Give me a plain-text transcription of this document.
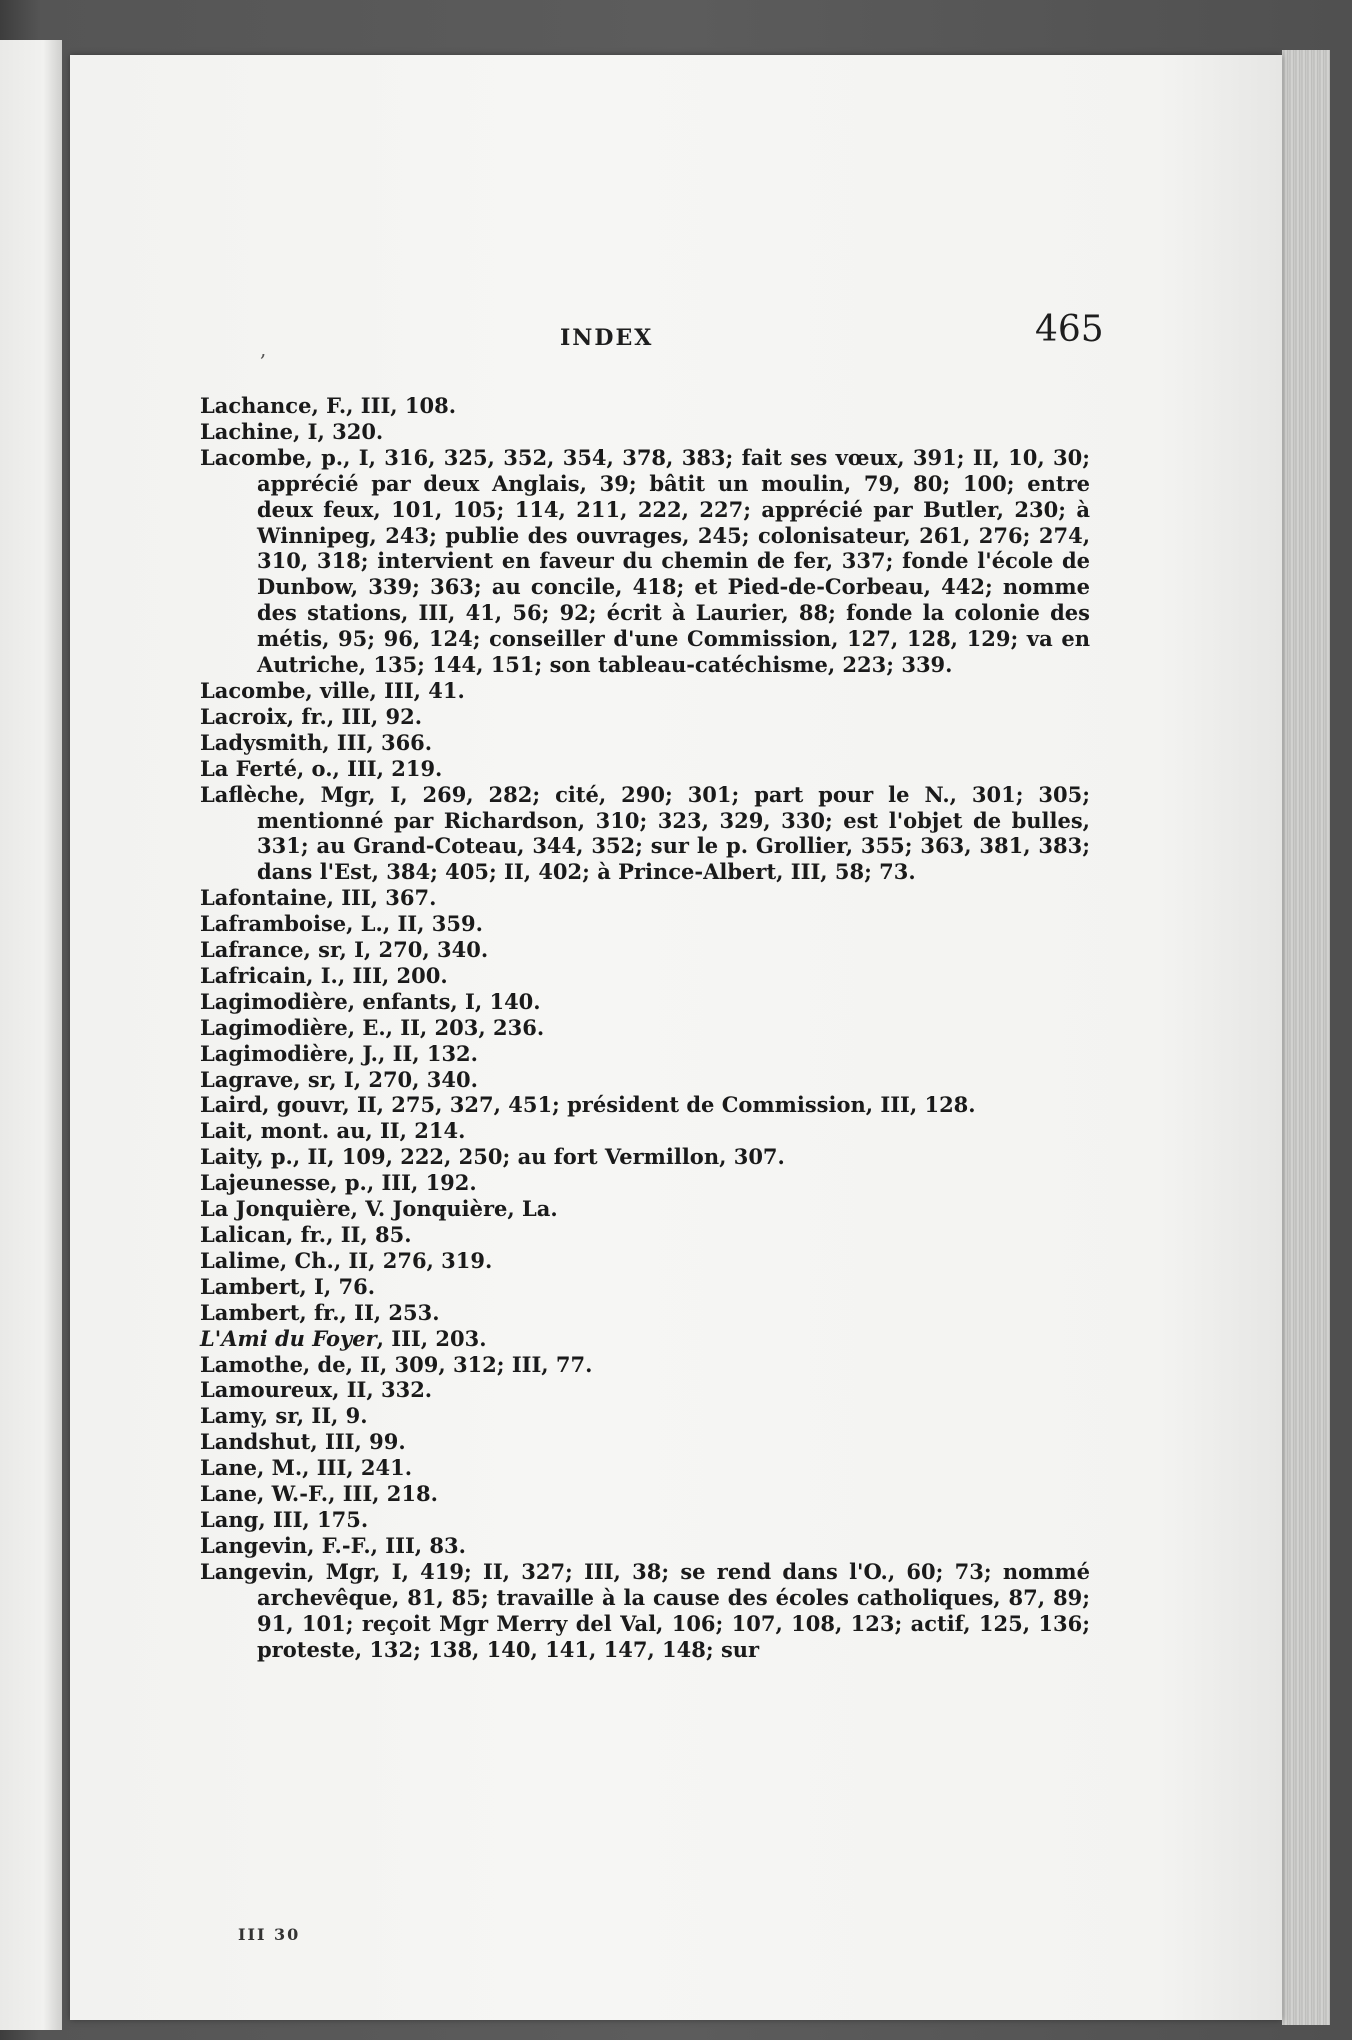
,	INDEX	465
Lachance, F., III, 108.
Lachine, I, 320.
Lacombe, p., I, 316, 325, 352, 354, 378, 383; fait ses vœux, 391; II, 10, 30; apprécié par deux Anglais, 39; bâtit un moulin, 79, 80; 100; entre deux feux, 101, 105; 114, 211, 222, 227; apprécié par Butler, 230; à Winnipeg, 243; publie des ouvrages, 245; colonisateur, 261, 276; 274, 310, 318; intervient en faveur du chemin de fer, 337; fonde l'école de Dunbow, 339; 363; au concile, 418; et Pied-de-Corbeau, 442; nomme des stations, III, 41, 56; 92; écrit à Laurier, 88; fonde la colonie des métis, 95; 96, 124; conseiller d'une Commission, 127, 128, 129; va en Autriche, 135; 144, 151; son tableau-catéchisme, 223; 339.
Lacombe, ville, III, 41.
Lacroix, fr., III, 92.
Ladysmith, III, 366.
La Ferté, o., III, 219.
Laflèche, Mgr, I, 269, 282; cité, 290; 301; part pour le N., 301; 305; mentionné par Richardson, 310; 323, 329, 330; est l'objet de bulles, 331; au Grand-Coteau, 344, 352; sur le p. Grollier, 355; 363, 381, 383; dans l'Est, 384; 405; II, 402; à Prince-Albert, III, 58; 73.
Lafontaine, III, 367.
Laframboise, L., II, 359.
Lafrance, sr, I, 270, 340.
Lafricain, I., III, 200.
Lagimodière, enfants, I, 140.
Lagimodière, E., II, 203, 236.
Lagimodière, J., II, 132.
Lagrave, sr, I, 270, 340.
Laird, gouvr, II, 275, 327, 451; président de Commission, III, 128.
Lait, mont. au, II, 214.
Laity, p., II, 109, 222, 250; au fort Vermillon, 307.
Lajeunesse, p., III, 192.
La Jonquière, V. Jonquière, La.
Lalican, fr., II, 85.
Lalime, Ch., II, 276, 319.
Lambert, I, 76.
Lambert, fr., II, 253.
L'Ami du Foyer, III, 203.
Lamothe, de, II, 309, 312; III, 77.
Lamoureux, II, 332.
Lamy, sr, II, 9.
Landshut, III, 99.
Lane, M., III, 241.
Lane, W.-F., III, 218.
Lang, III, 175.
Langevin, F.-F., III, 83.
Langevin, Mgr, I, 419; II, 327; III, 38; se rend dans l'O., 60; 73; nommé archevêque, 81, 85; travaille à la cause des écoles catholiques, 87, 89; 91, 101; reçoit Mgr Merry del Val, 106; 107, 108, 123; actif, 125, 136; proteste, 132; 138, 140, 141, 147, 148; sur
III 30
